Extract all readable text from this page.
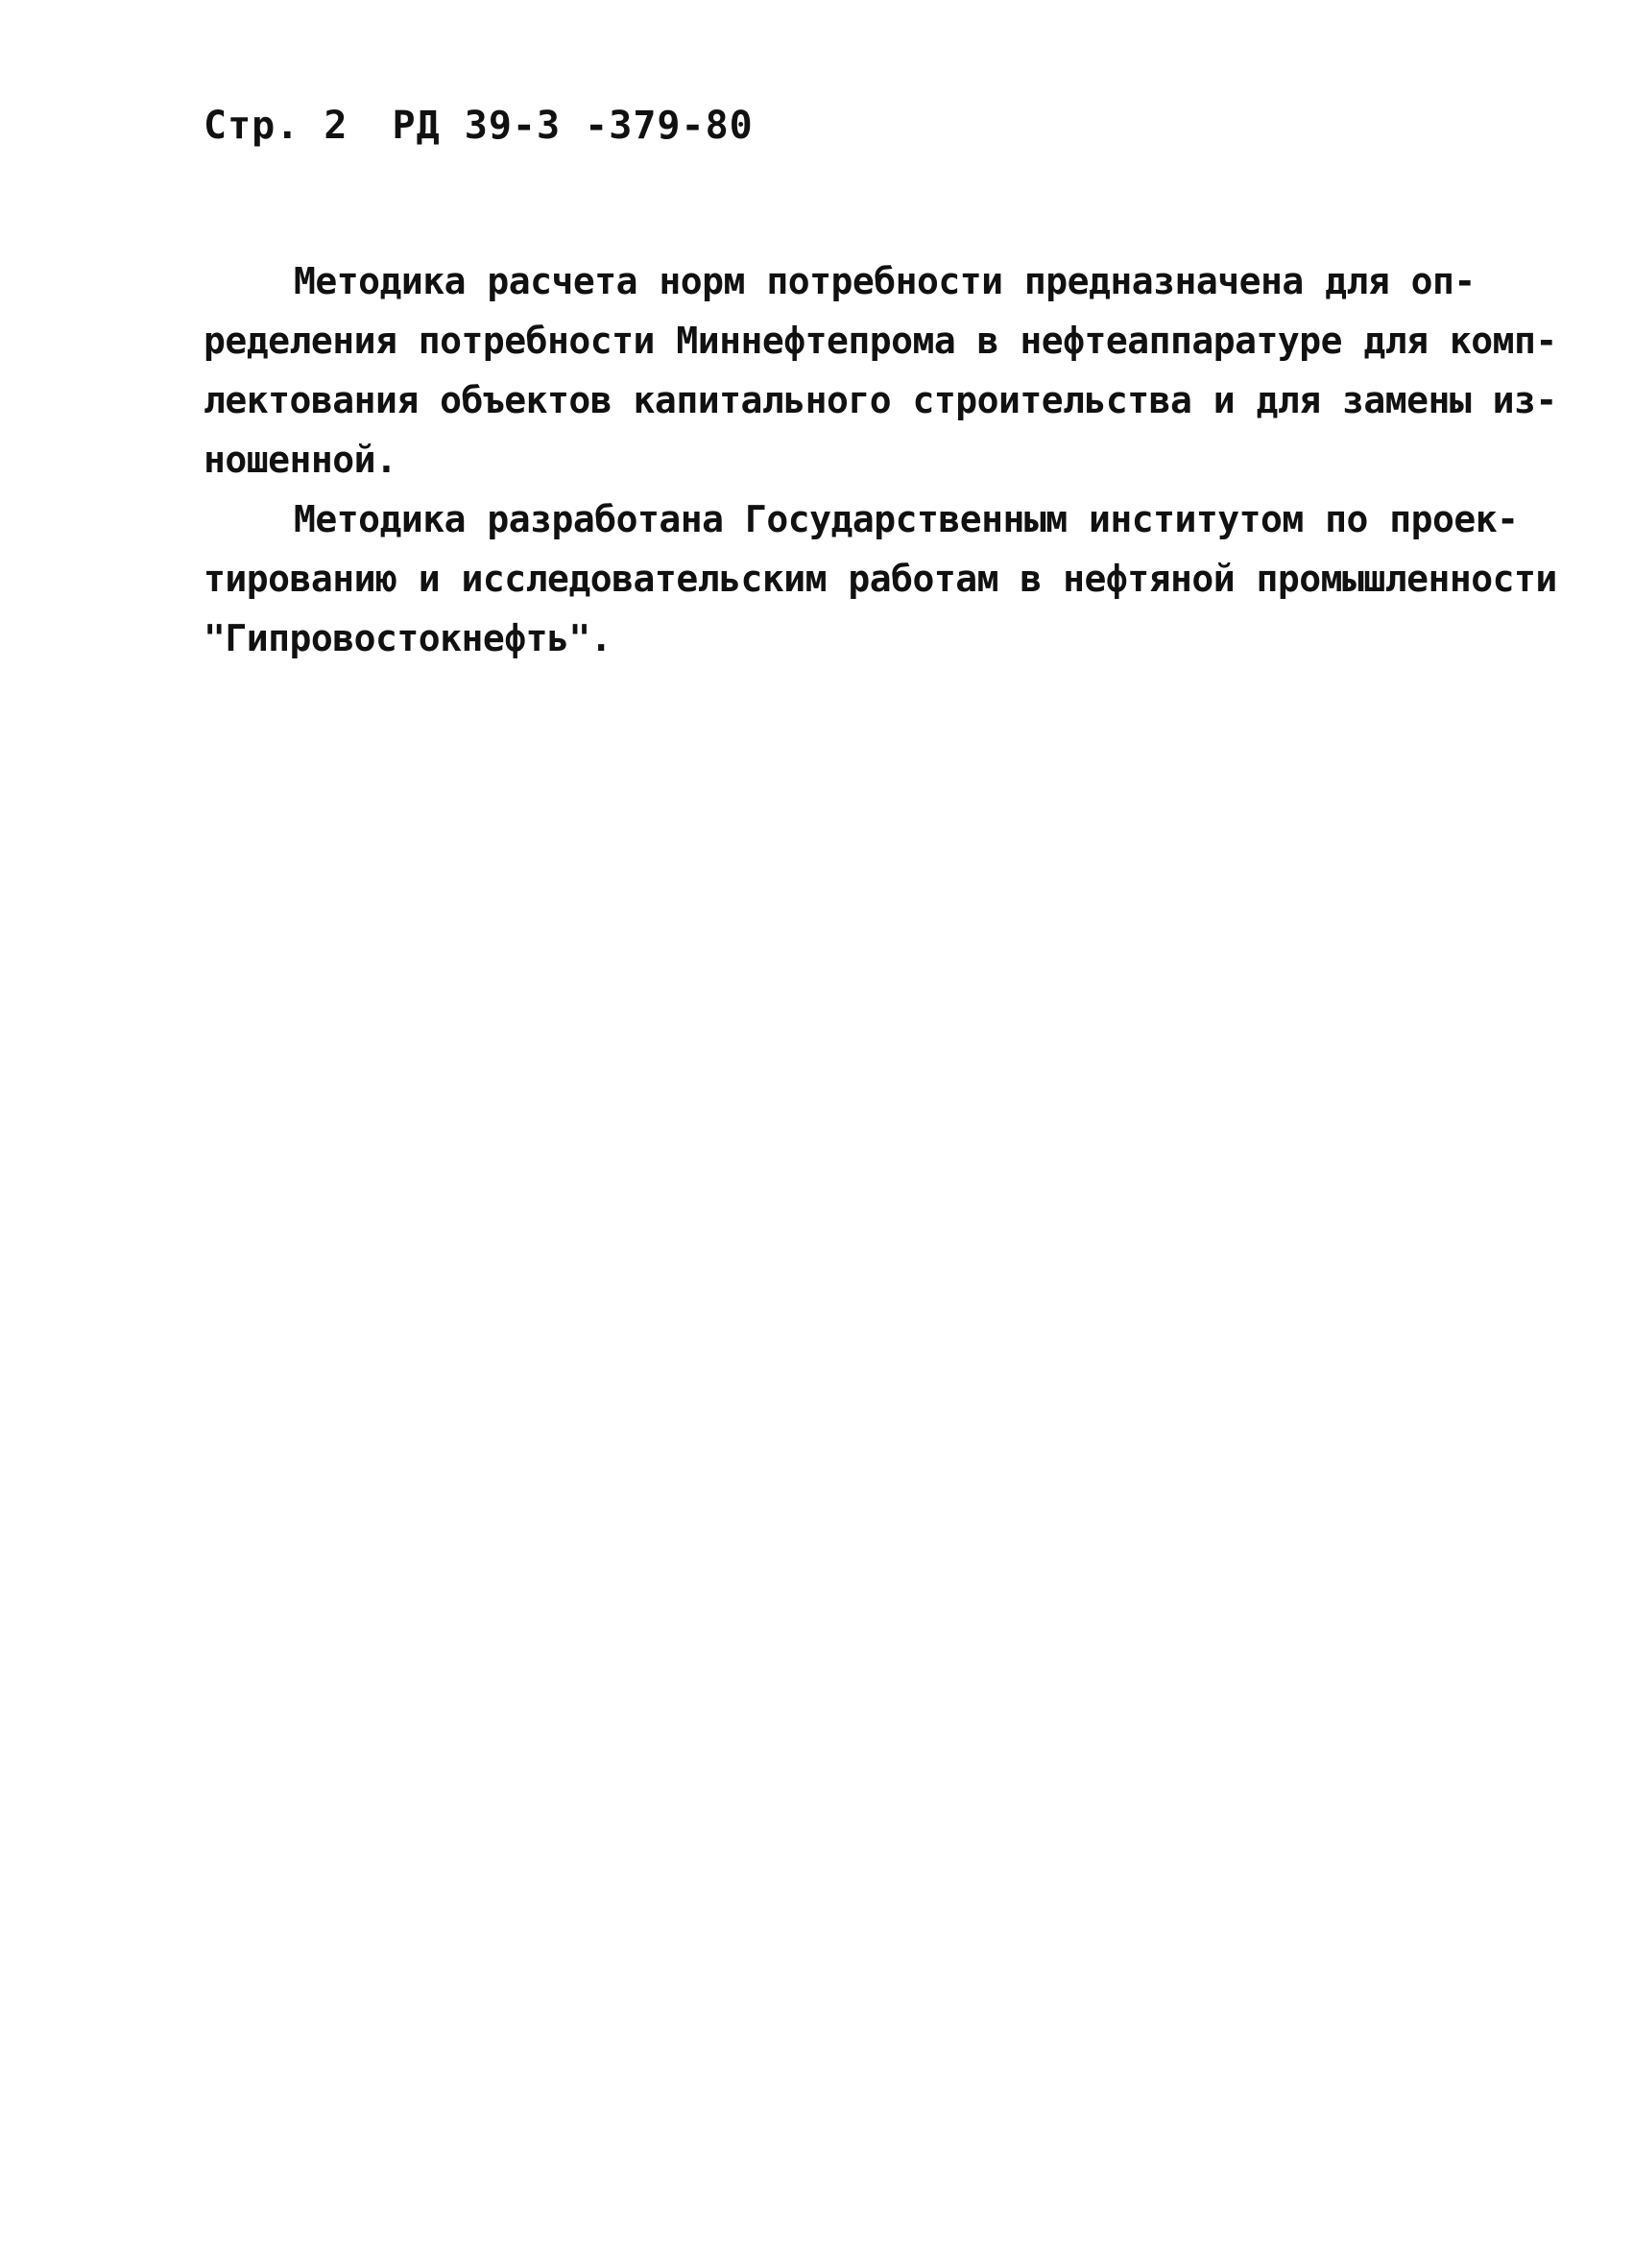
Стр. 2 РД 39-3 -379-80
Методика расчета норм потребности предназначена для оп-
ределения потребности Миннефтепрома в нефтеаппаратуре для комп-
лектования объектов капитального строительства и для замены из-
ношенной.
Методика разработана Государственным институтом по проек-
тированию и исследовательским работам в нефтяной промышленности
"Гипровостокнефть".
